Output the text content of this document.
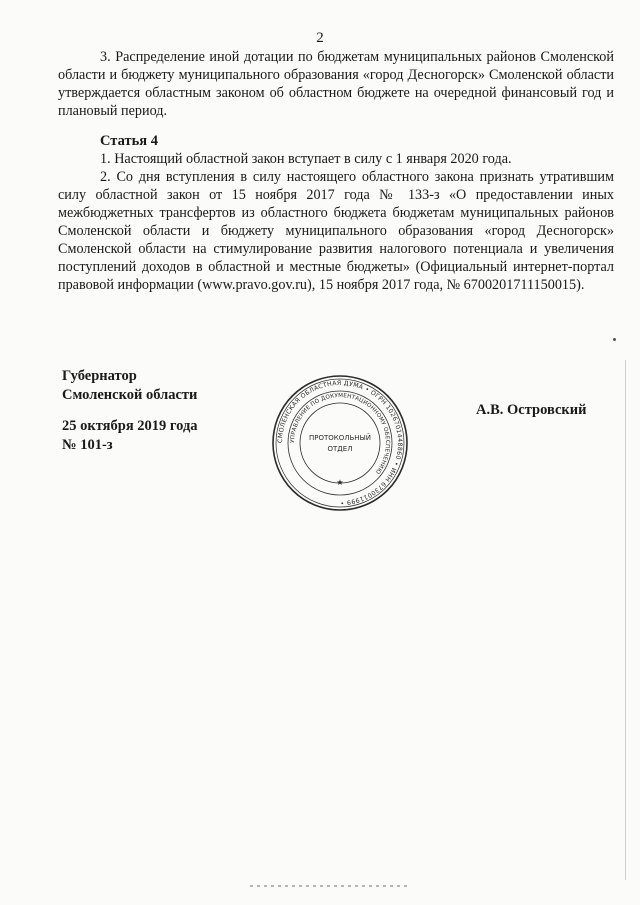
2
3. Распределение иной дотации по бюджетам муниципальных районов Смоленской области и бюджету муниципального образования «город Десногорск» Смоленской области утверждается областным законом об областном бюджете на очередной финансовый год и плановый период.
Статья 4
1. Настоящий областной закон вступает в силу с 1 января 2020 года.
2. Со дня вступления в силу настоящего областного закона признать утратившим силу областной закон от 15 ноября 2017 года № 133-з «О предоставлении иных межбюджетных трансфертов из областного бюджета бюджетам муниципальных районов Смоленской области и бюджету муниципального образования «город Десногорск» Смоленской области на стимулирование развития налогового потенциала и увеличения поступлений доходов в областной и местные бюджеты» (Официальный интернет-портал правовой информации (www.pravo.gov.ru), 15 ноября 2017 года, № 6700201711150015).
Губернатор
Смоленской области
25 октября 2019 года
№ 101-з
А.В. Островский
СМОЛЕНСКАЯ ОБЛАСТНАЯ ДУМА • ОГРН 1026701448860 • ИНН 6730011999 •
УПРАВЛЕНИЕ ПО ДОКУМЕНТАЦИОННОМУ ОБЕСПЕЧЕНИЮ
ПРОТОКОЛЬНЫЙ
ОТДЕЛ
★
